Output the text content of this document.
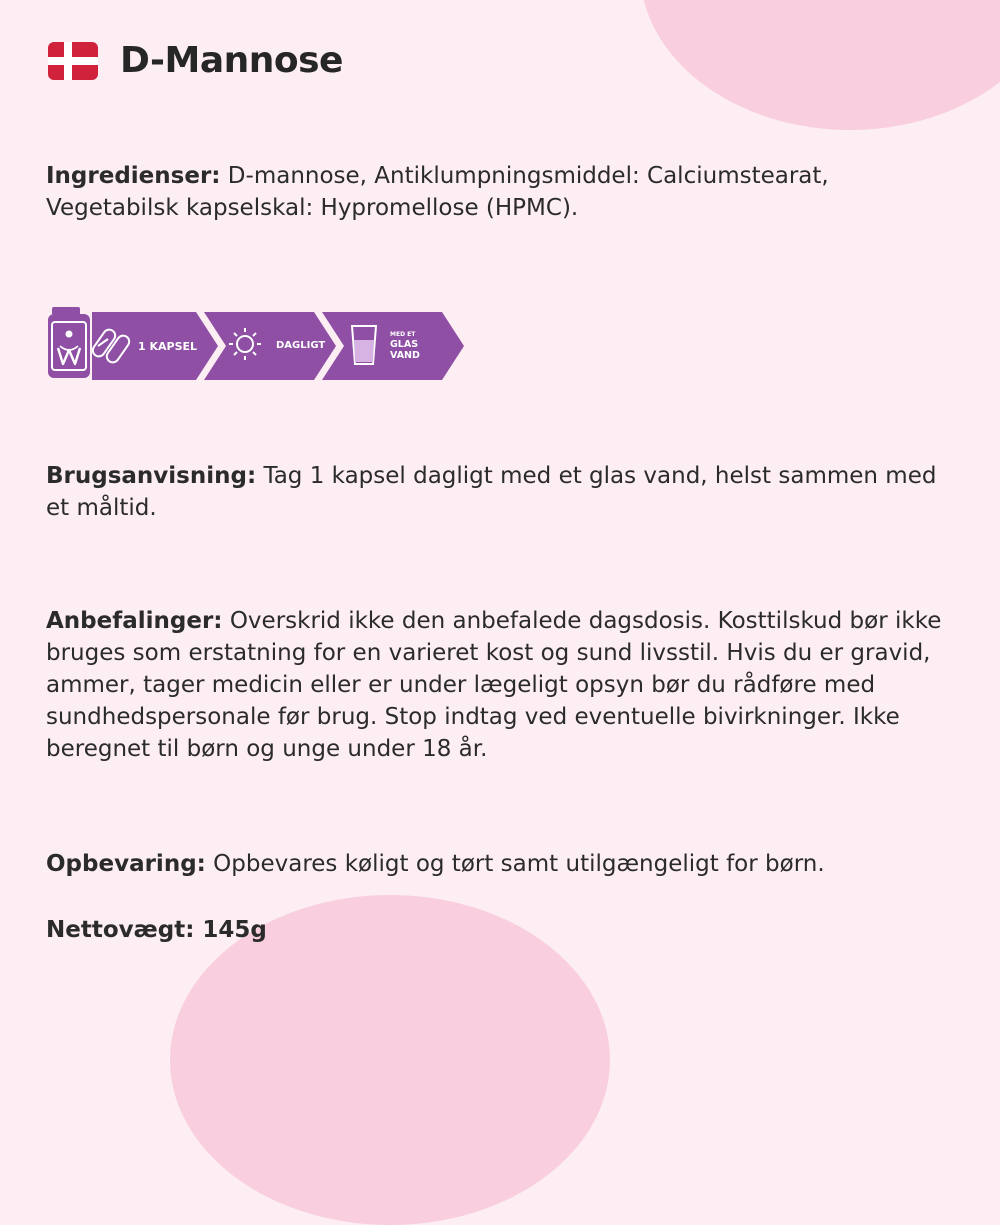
D-Mannose

Ingredienser: D-mannose, Antiklumpningsmiddel: Calciumstearat, Vegetabilsk kapselskal: Hypromellose (HPMC).

1 KAPSEL	DAGLIGT
MED ET
GLAS
VAND

Brugsanvisning: Tag 1 kapsel dagligt med et glas vand, helst sammen med et måltid.

Anbefalinger: Overskrid ikke den anbefalede dagsdosis. Kosttilskud bør ikke bruges som erstatning for en varieret kost og sund livsstil. Hvis du er gravid, ammer, tager medicin eller er under lægeligt opsyn bør du rådføre med sundhedspersonale før brug. Stop indtag ved eventuelle bivirkninger. Ikke beregnet til børn og unge under 18 år.

Opbevaring: Opbevares køligt og tørt samt utilgængeligt for børn.

Nettovægt: 145g
